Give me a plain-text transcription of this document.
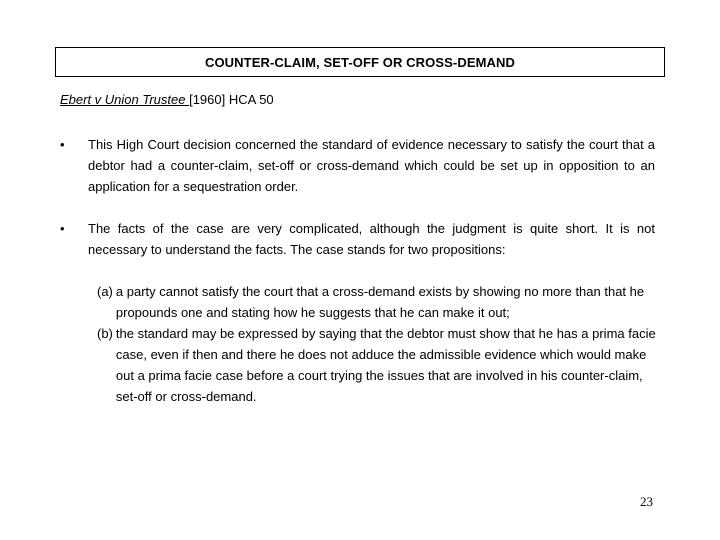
COUNTER-CLAIM, SET-OFF OR CROSS-DEMAND
Ebert v Union Trustee [1960] HCA 50
• This High Court decision concerned the standard of evidence necessary to satisfy the court that a debtor had a counter-claim, set-off or cross-demand which could be set up in opposition to an application for a sequestration order.

• The facts of the case are very complicated, although the judgment is quite short. It is not necessary to understand the facts. The case stands for two propositions:

(a) a party cannot satisfy the court that a cross-demand exists by showing no more than that he propounds one and stating how he suggests that he can make it out;
(b) the standard may be expressed by saying that the debtor must show that he has a prima facie case, even if then and there he does not adduce the admissible evidence which would make out a prima facie case before a court trying the issues that are involved in his counter-claim, set-off or cross-demand.
23
